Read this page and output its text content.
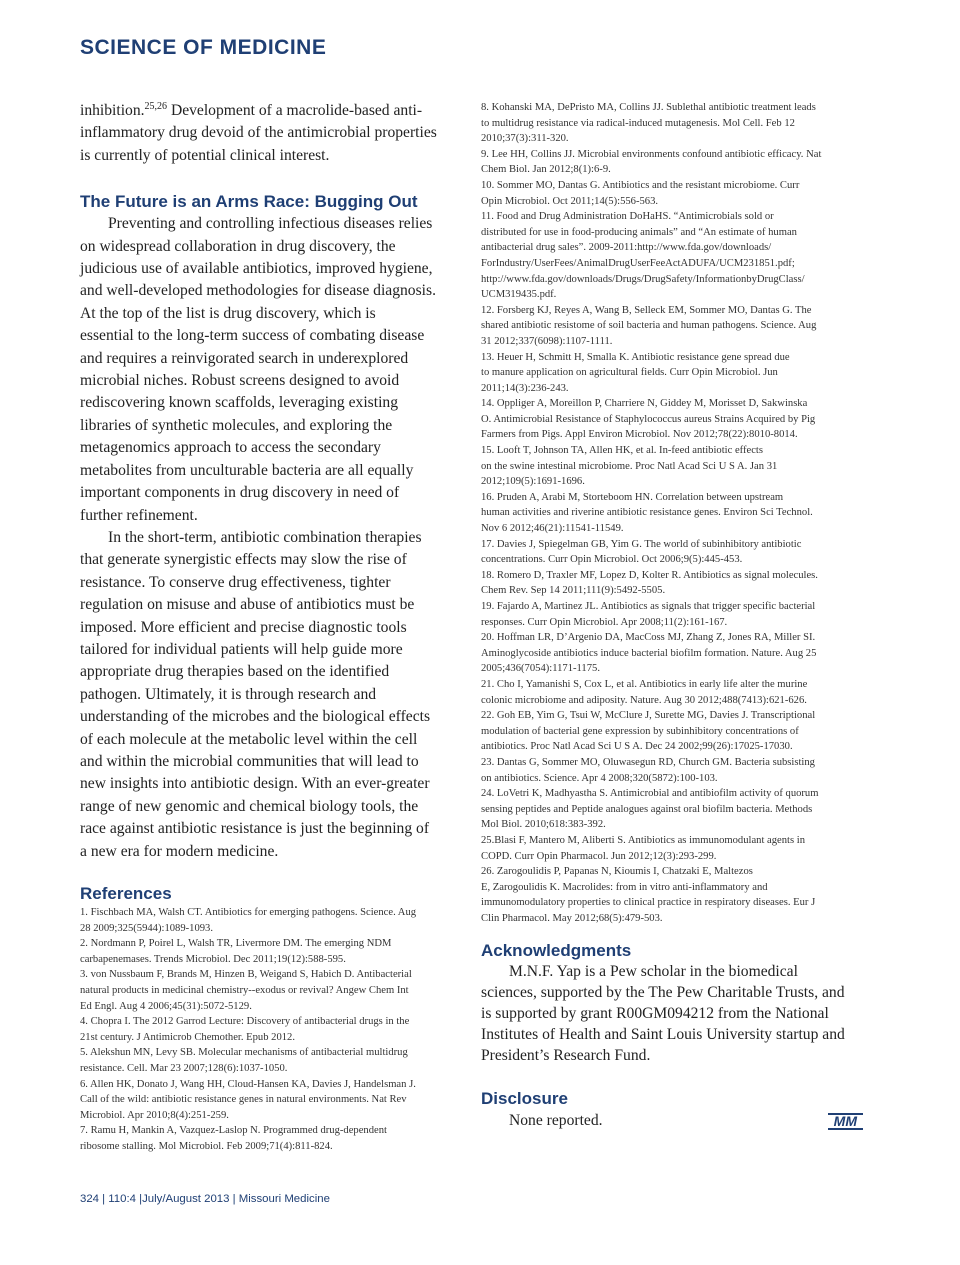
SCIENCE OF MEDICINE

inhibition.$^{25,26}$ Development of a macrolide-based anti-
inflammatory drug devoid of the antimicrobial properties
is currently of potential clinical interest.

The Future is an Arms Race: Bugging Out

Preventing and controlling infectious diseases relies
on widespread collaboration in drug discovery, the
judicious use of available antibiotics, improved hygiene,
and well-developed methodologies for disease diagnosis.
At the top of the list is drug discovery, which is
essential to the long-term success of combating disease
and requires a reinvigorated search in underexplored
microbial niches. Robust screens designed to avoid
rediscovering known scaffolds, leveraging existing
libraries of synthetic molecules, and exploring the
metagenomics approach to access the secondary
metabolites from unculturable bacteria are all equally
important components in drug discovery in need of
further refinement.

In the short-term, antibiotic combination therapies
that generate synergistic effects may slow the rise of
resistance. To conserve drug effectiveness, tighter
regulation on misuse and abuse of antibiotics must be
imposed. More efficient and precise diagnostic tools
tailored for individual patients will help guide more
appropriate drug therapies based on the identified
pathogen. Ultimately, it is through research and
understanding of the microbes and the biological effects
of each molecule at the metabolic level within the cell
and within the microbial communities that will lead to
new insights into antibiotic design. With an ever-greater
range of new genomic and chemical biology tools, the
race against antibiotic resistance is just the beginning of
a new era for modern medicine.

References
1. Fischbach MA, Walsh CT. Antibiotics for emerging pathogens. Science. Aug
28 2009;325(5944):1089-1093.
2. Nordmann P, Poirel L, Walsh TR, Livermore DM. The emerging NDM
carbapenemases. Trends Microbiol. Dec 2011;19(12):588-595.
3. von Nussbaum F, Brands M, Hinzen B, Weigand S, Habich D. Antibacterial
natural products in medicinal chemistry--exodus or revival? Angew Chem Int
Ed Engl. Aug 4 2006;45(31):5072-5129.
4. Chopra I. The 2012 Garrod Lecture: Discovery of antibacterial drugs in the
21st century. J Antimicrob Chemother. Epub 2012.
5. Alekshun MN, Levy SB. Molecular mechanisms of antibacterial multidrug
resistance. Cell. Mar 23 2007;128(6):1037-1050.
6. Allen HK, Donato J, Wang HH, Cloud-Hansen KA, Davies J, Handelsman J.
Call of the wild: antibiotic resistance genes in natural environments. Nat Rev
Microbiol. Apr 2010;8(4):251-259.
7. Ramu H, Mankin A, Vazquez-Laslop N. Programmed drug-dependent
ribosome stalling. Mol Microbiol. Feb 2009;71(4):811-824.
8. Kohanski MA, DePristo MA, Collins JJ. Sublethal antibiotic treatment leads
to multidrug resistance via radical-induced mutagenesis. Mol Cell. Feb 12
2010;37(3):311-320.
9. Lee HH, Collins JJ. Microbial environments confound antibiotic efficacy. Nat
Chem Biol. Jan 2012;8(1):6-9.
10. Sommer MO, Dantas G. Antibiotics and the resistant microbiome. Curr
Opin Microbiol. Oct 2011;14(5):556-563.
11. Food and Drug Administration DoHaHS. “Antimicrobials sold or
distributed for use in food-producing animals” and “An estimate of human
antibacterial drug sales”. 2009-2011:http://www.fda.gov/downloads/
ForIndustry/UserFees/AnimalDrugUserFeeActADUFA/UCM231851.pdf;
http://www.fda.gov/downloads/Drugs/DrugSafety/InformationbyDrugClass/
UCM319435.pdf.
12. Forsberg KJ, Reyes A, Wang B, Selleck EM, Sommer MO, Dantas G. The
shared antibiotic resistome of soil bacteria and human pathogens. Science. Aug
31 2012;337(6098):1107-1111.
13. Heuer H, Schmitt H, Smalla K. Antibiotic resistance gene spread due
to manure application on agricultural fields. Curr Opin Microbiol. Jun
2011;14(3):236-243.
14. Oppliger A, Moreillon P, Charriere N, Giddey M, Morisset D, Sakwinska
O. Antimicrobial Resistance of Staphylococcus aureus Strains Acquired by Pig
Farmers from Pigs. Appl Environ Microbiol. Nov 2012;78(22):8010-8014.
15. Looft T, Johnson TA, Allen HK, et al. In-feed antibiotic effects
on the swine intestinal microbiome. Proc Natl Acad Sci U S A. Jan 31
2012;109(5):1691-1696.
16. Pruden A, Arabi M, Storteboom HN. Correlation between upstream
human activities and riverine antibiotic resistance genes. Environ Sci Technol.
Nov 6 2012;46(21):11541-11549.
17. Davies J, Spiegelman GB, Yim G. The world of subinhibitory antibiotic
concentrations. Curr Opin Microbiol. Oct 2006;9(5):445-453.
18. Romero D, Traxler MF, Lopez D, Kolter R. Antibiotics as signal molecules.
Chem Rev. Sep 14 2011;111(9):5492-5505.
19. Fajardo A, Martinez JL. Antibiotics as signals that trigger specific bacterial
responses. Curr Opin Microbiol. Apr 2008;11(2):161-167.
20. Hoffman LR, D’Argenio DA, MacCoss MJ, Zhang Z, Jones RA, Miller SI.
Aminoglycoside antibiotics induce bacterial biofilm formation. Nature. Aug 25
2005;436(7054):1171-1175.
21. Cho I, Yamanishi S, Cox L, et al. Antibiotics in early life alter the murine
colonic microbiome and adiposity. Nature. Aug 30 2012;488(7413):621-626.
22. Goh EB, Yim G, Tsui W, McClure J, Surette MG, Davies J. Transcriptional
modulation of bacterial gene expression by subinhibitory concentrations of
antibiotics. Proc Natl Acad Sci U S A. Dec 24 2002;99(26):17025-17030.
23. Dantas G, Sommer MO, Oluwasegun RD, Church GM. Bacteria subsisting
on antibiotics. Science. Apr 4 2008;320(5872):100-103.
24. LoVetri K, Madhyastha S. Antimicrobial and antibiofilm activity of quorum
sensing peptides and Peptide analogues against oral biofilm bacteria. Methods
Mol Biol. 2010;618:383-392.
25.Blasi F, Mantero M, Aliberti S. Antibiotics as immunomodulant agents in
COPD. Curr Opin Pharmacol. Jun 2012;12(3):293-299.
26. Zarogoulidis P, Papanas N, Kioumis I, Chatzaki E, Maltezos
E, Zarogoulidis K. Macrolides: from in vitro anti-inflammatory and
immunomodulatory properties to clinical practice in respiratory diseases. Eur J
Clin Pharmacol. May 2012;68(5):479-503.
Acknowledgments

M.N.F. Yap is a Pew scholar in the biomedical
sciences, supported by the The Pew Charitable Trusts, and
is supported by grant R00GM094212 from the National
Institutes of Health and Saint Louis University startup and
President’s Research Fund.

Disclosure

None reported.	MM
324 | 110:4 |July/August 2013 | Missouri Medicine
